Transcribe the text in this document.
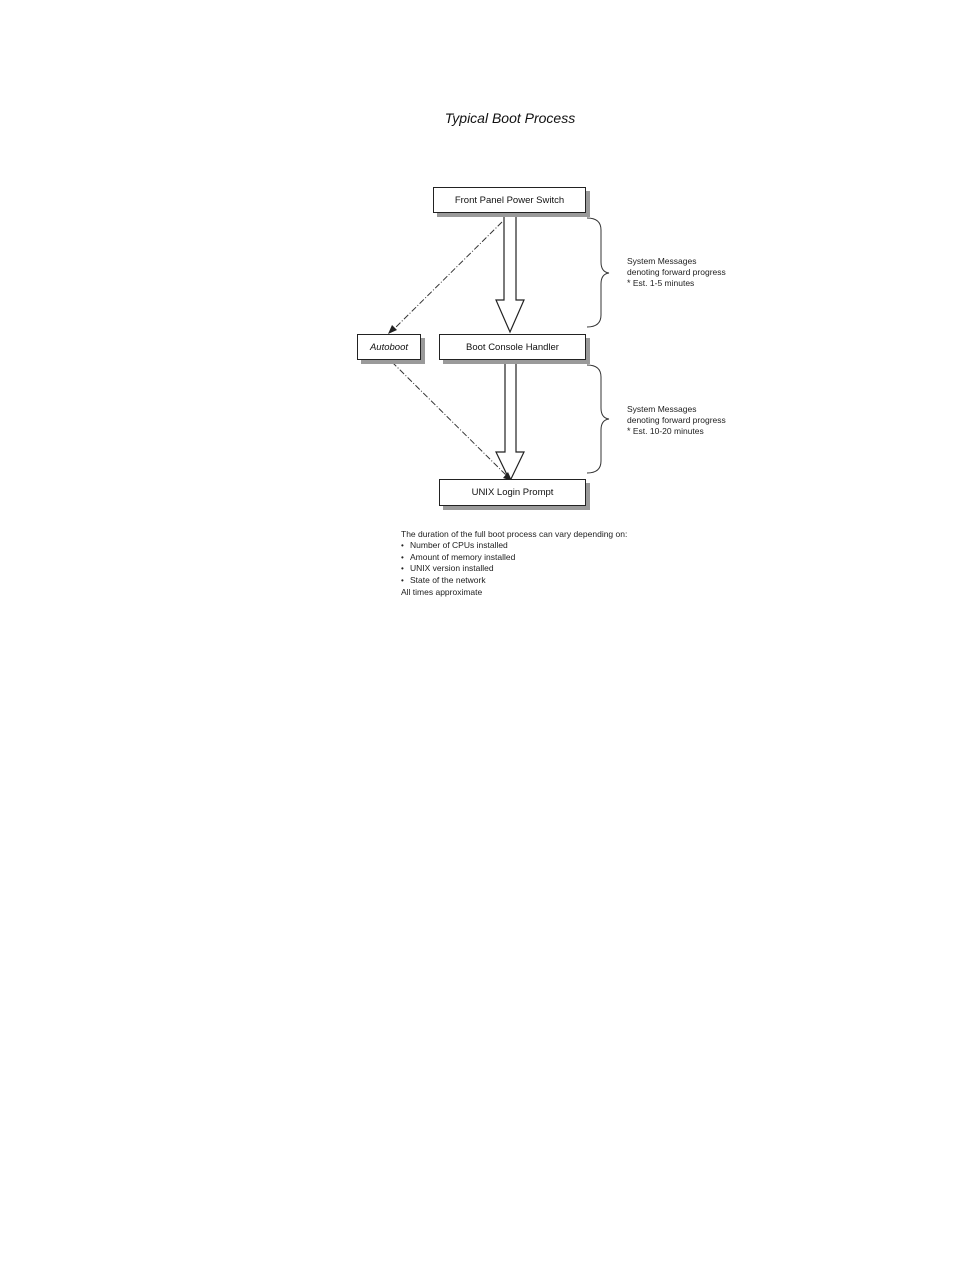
Typical Boot Process
Front Panel Power Switch
Autoboot	Boot Console Handler
UNIX Login Prompt
System Messages
denoting forward progress
* Est. 1-5 minutes
System Messages
denoting forward progress
* Est. 10-20 minutes
The duration of the full boot process can vary depending on:
• Number of CPUs installed
• Amount of memory installed
• UNIX version installed
• State of the network
All times approximate
